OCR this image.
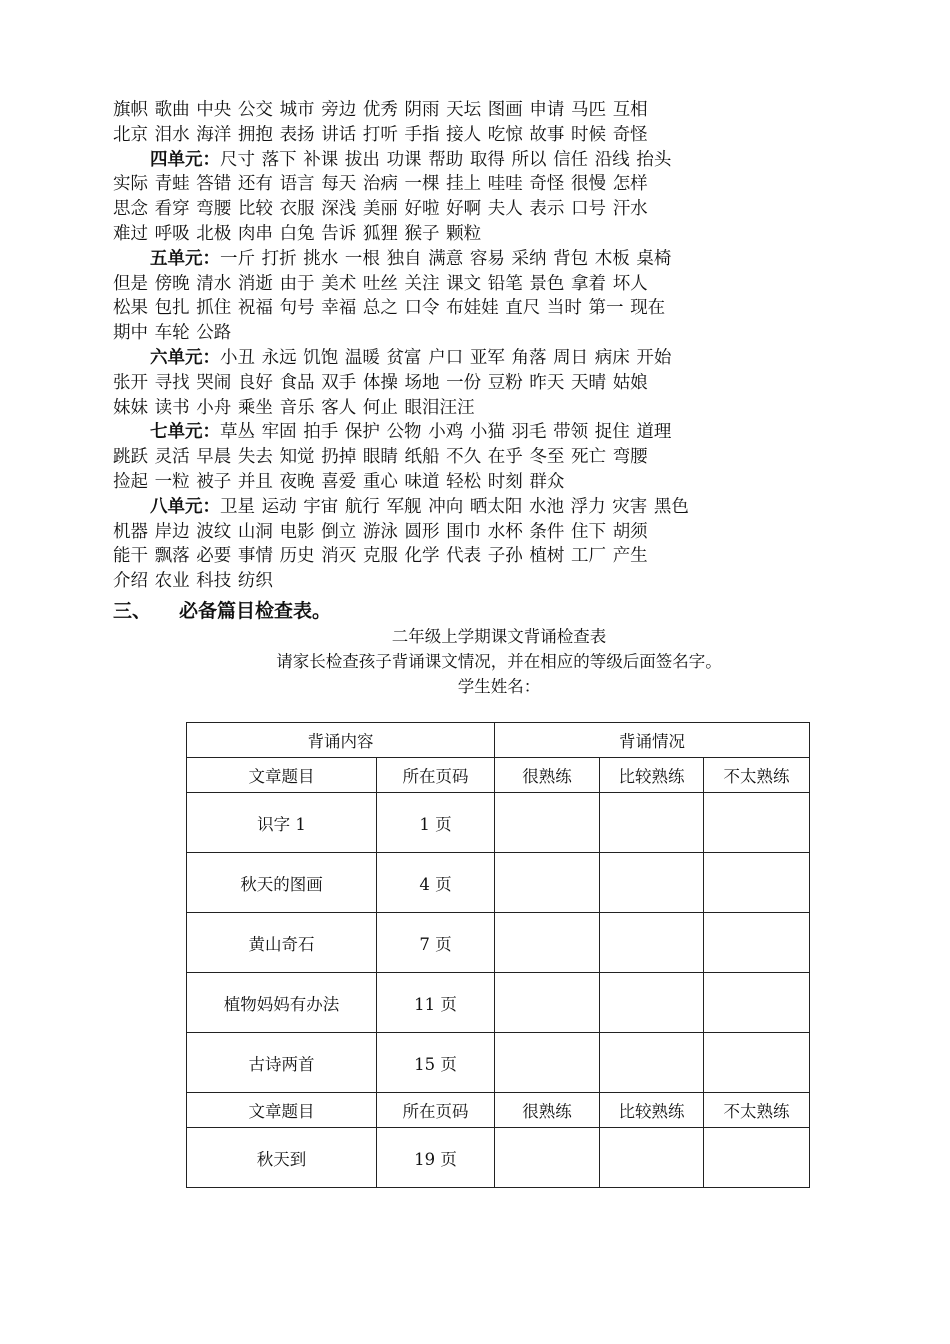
旗帜 歌曲 中央 公交 城市 旁边 优秀 阴雨 天坛 图画 申请 马匹 互相
北京 泪水 海洋 拥抱 表扬 讲话 打听 手指 接人 吃惊 故事 时候 奇怪
四单元：尺寸 落下 补课 拔出 功课 帮助 取得 所以 信任 沿线 抬头
实际 青蛙 答错 还有 语言 每天 治病 一棵 挂上 哇哇 奇怪 很慢 怎样
思念 看穿 弯腰 比较 衣服 深浅 美丽 好啦 好啊 夫人 表示 口号 汗水
难过 呼吸 北极 肉串 白兔 告诉 狐狸 猴子 颗粒
五单元：一斤 打折 挑水 一根 独自 满意 容易 采纳 背包 木板 桌椅
但是 傍晚 清水 消逝 由于 美术 吐丝 关注 课文 铅笔 景色 拿着 坏人
松果 包扎 抓住 祝福 句号 幸福 总之 口令 布娃娃 直尺 当时 第一 现在
期中 车轮 公路
六单元：小丑 永远 饥饱 温暖 贫富 户口 亚军 角落 周日 病床 开始
张开 寻找 哭闹 良好 食品 双手 体操 场地 一份 豆粉 昨天 天晴 姑娘
妹妹 读书 小舟 乘坐 音乐 客人 何止 眼泪汪汪
七单元：草丛 牢固 拍手 保护 公物 小鸡 小猫 羽毛 带领 捉住 道理
跳跃 灵活 早晨 失去 知觉 扔掉 眼睛 纸船 不久 在乎 冬至 死亡 弯腰
捡起 一粒 被子 并且 夜晚 喜爱 重心 味道 轻松 时刻 群众
八单元：卫星 运动 宇宙 航行 军舰 冲向 晒太阳 水池 浮力 灾害 黑色
机器 岸边 波纹 山洞 电影 倒立 游泳 圆形 围巾 水杯 条件 住下 胡须
能干 飘落 必要 事情 历史 消灭 克服 化学 代表 子孙 植树 工厂 产生
介绍 农业 科技 纺织
三、 必备篇目检查表。
二年级上学期课文背诵检查表
请家长检查孩子背诵课文情况，并在相应的等级后面签名字。
学生姓名：
背诵内容		背诵情况		
文章题目	所在页码	很熟练	比较熟练	不太熟练
识字 1	1 页			
秋天的图画	4 页			
黄山奇石	7 页			
植物妈妈有办法	11 页			
古诗两首	15 页			
文章题目	所在页码	很熟练	比较熟练	不太熟练
秋天到	19 页			
